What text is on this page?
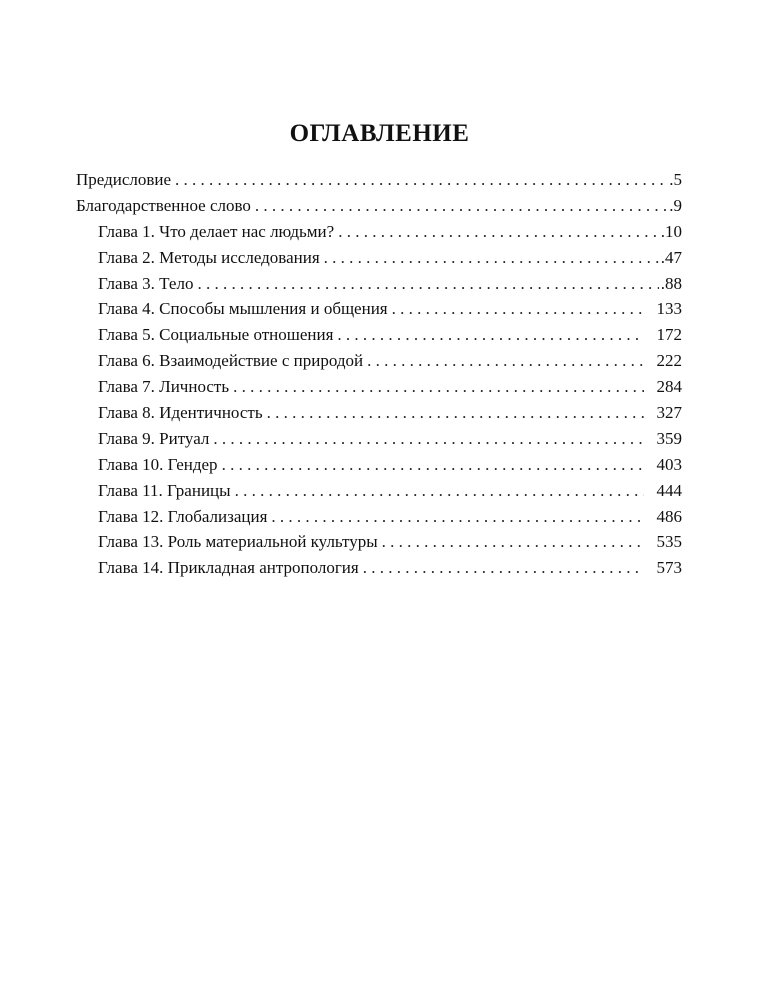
ОГЛАВЛЕНИЕ
Предисловие . . .	.5
Благодарственное слово . . .	.9
Глава 1. Что делает нас людьми? . . .	.10
Глава 2. Методы исследования . . .	.47
Глава 3. Тело . . .	.88
Глава 4. Способы мышления и общения . . .	133
Глава 5. Социальные отношения . . .	172
Глава 6. Взаимодействие с природой . . .	222
Глава 7. Личность . . .	284
Глава 8. Идентичность . . .	327
Глава 9. Ритуал . . .	359
Глава 10. Гендер . . .	403
Глава 11. Границы . . .	444
Глава 12. Глобализация . . .	486
Глава 13. Роль материальной культуры . . .	535
Глава 14. Прикладная антропология . . .	573
